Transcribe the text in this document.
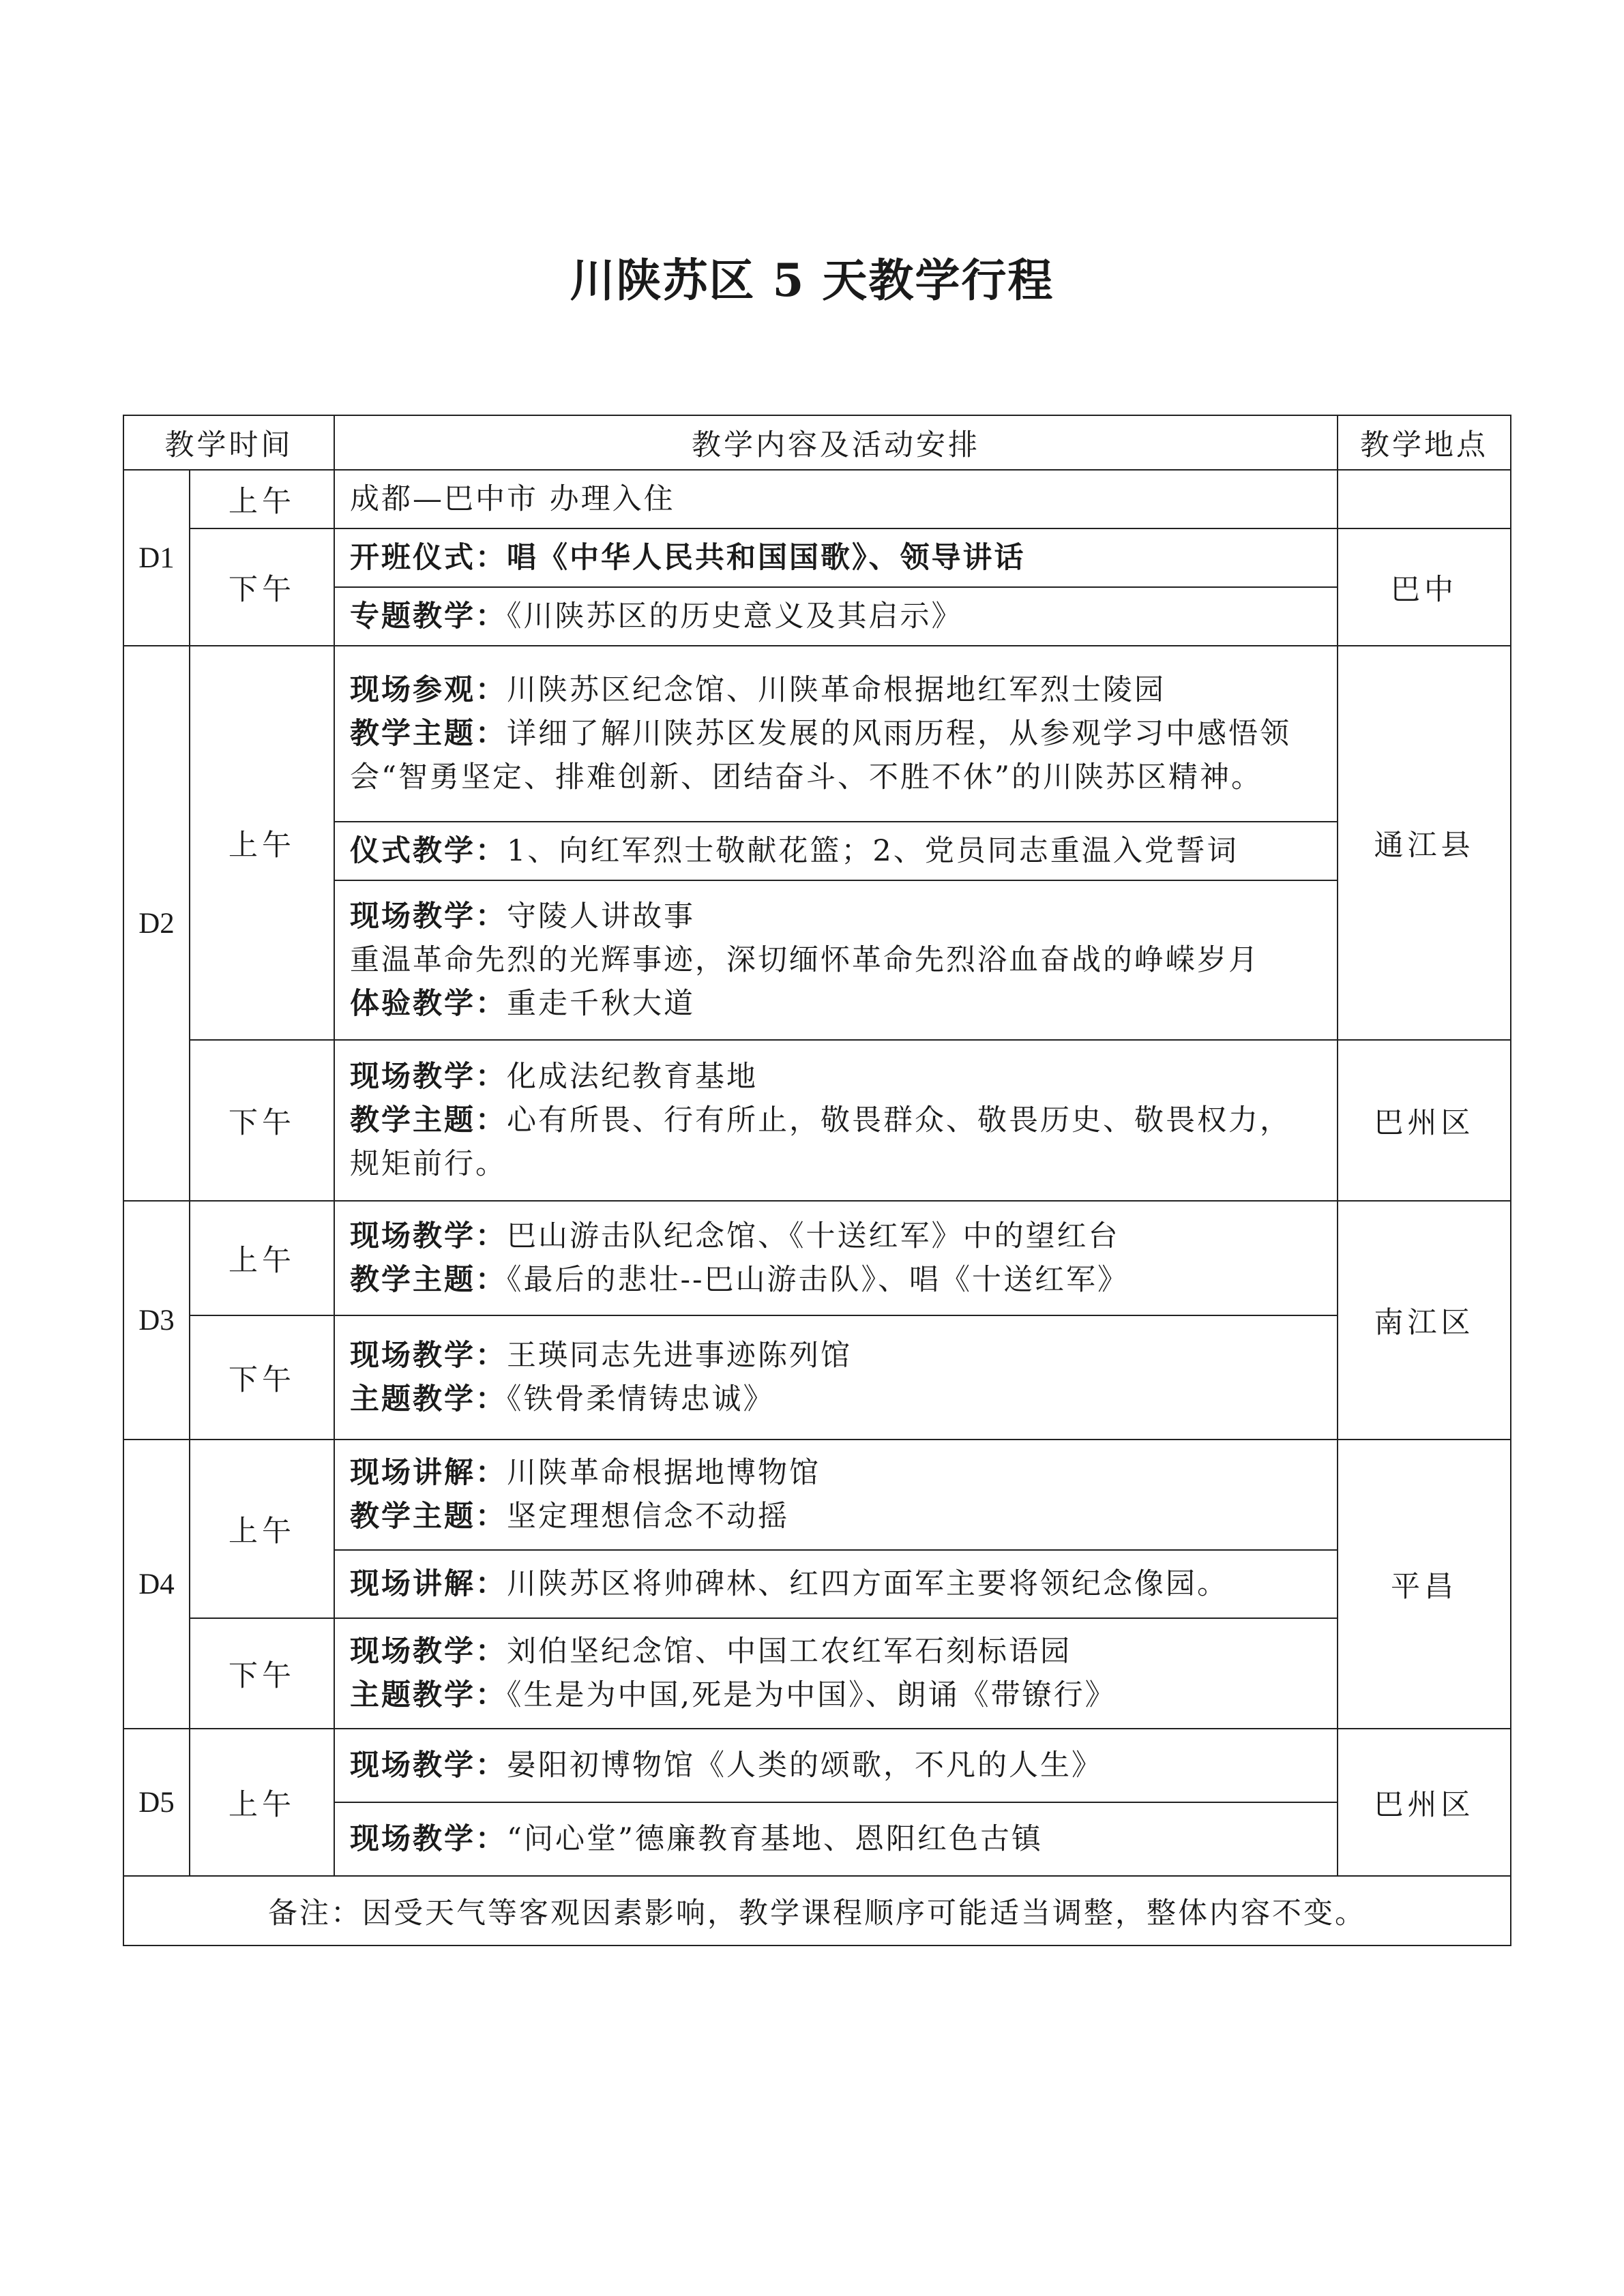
川陕苏区 5 天教学行程
教学时间		教学内容及活动安排	教学地点
D1	上午	成都—巴中市 办理入住	
	下午	开班仪式：唱《中华人民共和国国歌》、领导讲话	巴中
		专题教学：《川陕苏区的历史意义及其启示》	
D2	上午	现场参观：川陕苏区纪念馆、川陕革命根据地红军烈士陵园
教学主题：详细了解川陕苏区发展的风雨历程，从参观学习中感悟领会“智勇坚定、排难创新、团结奋斗、不胜不休”的川陕苏区精神。	通江县
		仪式教学：1、向红军烈士敬献花篮；2、党员同志重温入党誓词	

		现场教学：守陵人讲故事
重温革命先烈的光辉事迹，深切缅怀革命先烈浴血奋战的峥嵘岁月
体验教学：重走千秋大道	

	下午	现场教学：化成法纪教育基地
教学主题：心有所畏、行有所止，敬畏群众、敬畏历史、敬畏权力，规矩前行。	巴州区
D3	上午	现场教学：巴山游击队纪念馆、《十送红军》中的望红台
教学主题：《最后的悲壮--巴山游击队》、唱《十送红军》	南江区
	下午	现场教学：王瑛同志先进事迹陈列馆
主题教学：《铁骨柔情铸忠诚》	

D4	上午	现场讲解：川陕革命根据地博物馆
教学主题：坚定理想信念不动摇	平昌
		现场讲解：川陕苏区将帅碑林、红四方面军主要将领纪念像园。	
	下午	现场教学：刘伯坚纪念馆、中国工农红军石刻标语园
主题教学：《生是为中国,死是为中国》、朗诵《带镣行》	

D5	上午	现场教学：晏阳初博物馆《人类的颂歌，不凡的人生》	巴州区
		现场教学：“问心堂”德廉教育基地、恩阳红色古镇	
备注：因受天气等客观因素影响，教学课程顺序可能适当调整，整体内容不变。			
